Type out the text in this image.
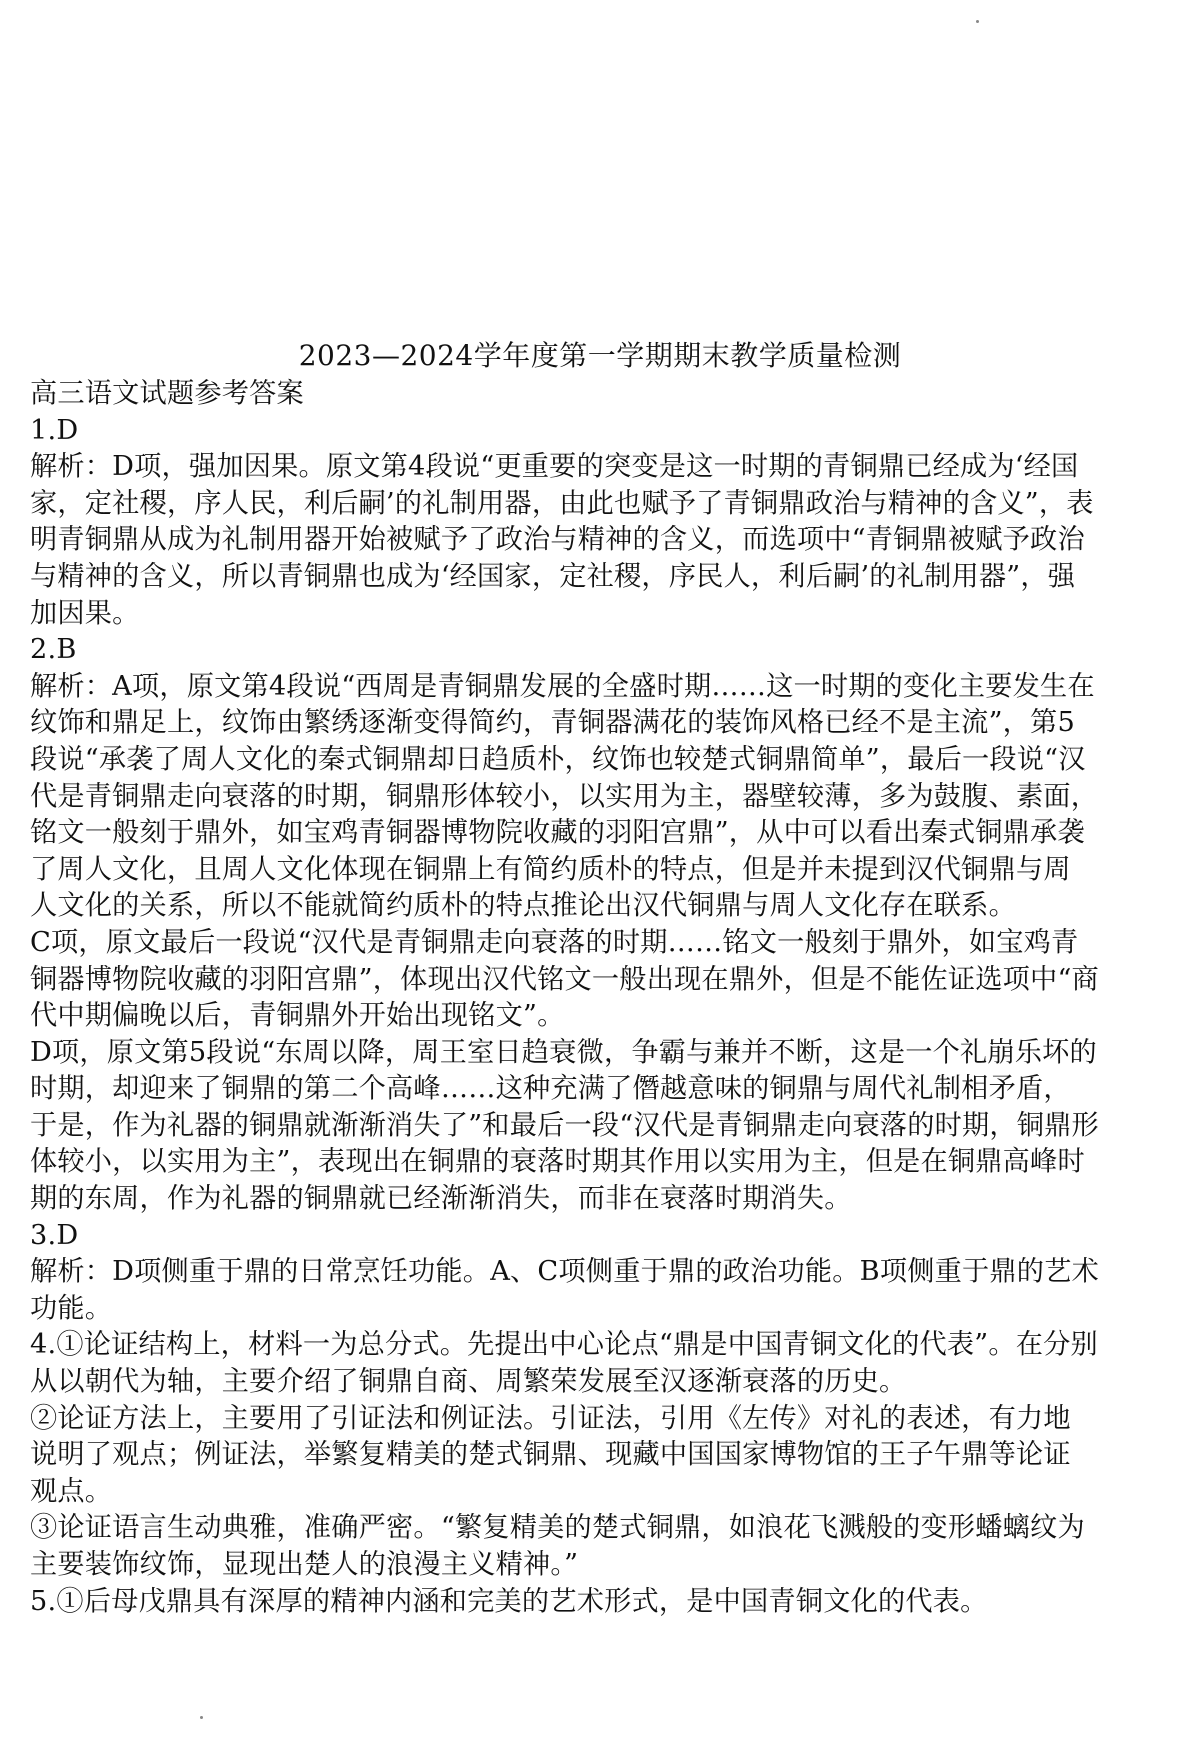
2023—2024学年度第一学期期末教学质量检测

高三语文试题参考答案

1.D

解析：D项，强加因果。原文第4段说“更重要的突变是这一时期的青铜鼎已经成为‘经国
家，定社稷，序人民，利后嗣’的礼制用器，由此也赋予了青铜鼎政治与精神的含义”，表
明青铜鼎从成为礼制用器开始被赋予了政治与精神的含义，而选项中“青铜鼎被赋予政治
与精神的含义，所以青铜鼎也成为‘经国家，定社稷，序民人，利后嗣’的礼制用器”，强
加因果。

2.B

解析：A项，原文第4段说“西周是青铜鼎发展的全盛时期……这一时期的变化主要发生在
纹饰和鼎足上，纹饰由繁绣逐渐变得简约，青铜器满花的装饰风格已经不是主流”，第5
段说“承袭了周人文化的秦式铜鼎却日趋质朴，纹饰也较楚式铜鼎简单”，最后一段说“汉
代是青铜鼎走向衰落的时期，铜鼎形体较小，以实用为主，器壁较薄，多为鼓腹、素面，
铭文一般刻于鼎外，如宝鸡青铜器博物院收藏的羽阳宫鼎”，从中可以看出秦式铜鼎承袭
了周人文化，且周人文化体现在铜鼎上有简约质朴的特点，但是并未提到汉代铜鼎与周
人文化的关系，所以不能就简约质朴的特点推论出汉代铜鼎与周人文化存在联系。
C项，原文最后一段说“汉代是青铜鼎走向衰落的时期……铭文一般刻于鼎外，如宝鸡青
铜器博物院收藏的羽阳宫鼎”，体现出汉代铭文一般出现在鼎外，但是不能佐证选项中“商
代中期偏晚以后，青铜鼎外开始出现铭文”。
D项，原文第5段说“东周以降，周王室日趋衰微，争霸与兼并不断，这是一个礼崩乐坏的
时期，却迎来了铜鼎的第二个高峰……这种充满了僭越意味的铜鼎与周代礼制相矛盾，
于是，作为礼器的铜鼎就渐渐消失了”和最后一段“汉代是青铜鼎走向衰落的时期，铜鼎形
体较小，以实用为主”，表现出在铜鼎的衰落时期其作用以实用为主，但是在铜鼎高峰时
期的东周，作为礼器的铜鼎就已经渐渐消失，而非在衰落时期消失。

3.D

解析：D项侧重于鼎的日常烹饪功能。A、C项侧重于鼎的政治功能。B项侧重于鼎的艺术
功能。
4.①论证结构上，材料一为总分式。先提出中心论点“鼎是中国青铜文化的代表”。在分别
从以朝代为轴，主要介绍了铜鼎自商、周繁荣发展至汉逐渐衰落的历史。
②论证方法上，主要用了引证法和例证法。引证法，引用《左传》对礼的表述，有力地
说明了观点；例证法，举繁复精美的楚式铜鼎、现藏中国国家博物馆的王子午鼎等论证
观点。
③论证语言生动典雅，准确严密。“繁复精美的楚式铜鼎，如浪花飞溅般的变形蟠螭纹为
主要装饰纹饰，显现出楚人的浪漫主义精神。”
5.①后母戊鼎具有深厚的精神内涵和完美的艺术形式，是中国青铜文化的代表。
